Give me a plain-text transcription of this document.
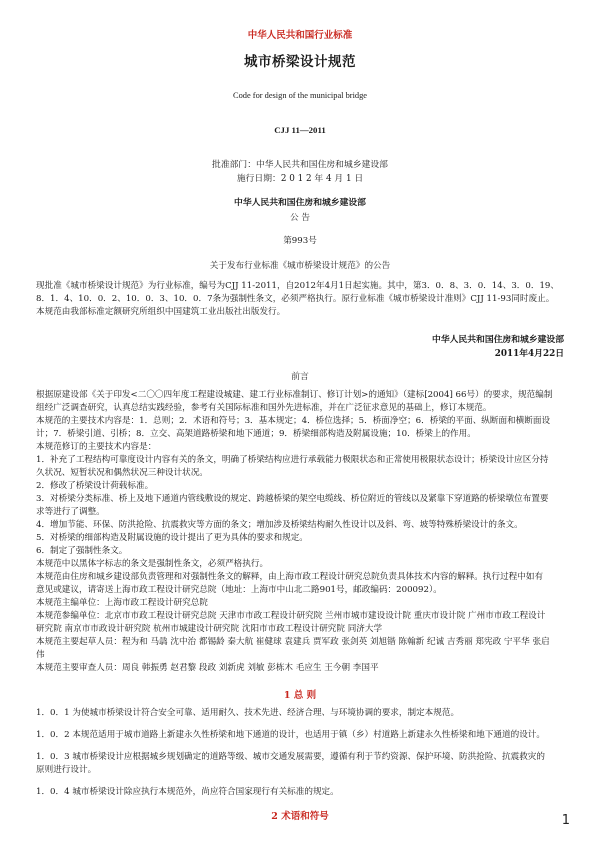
中华人民共和国行业标准
城市桥梁设计规范
Code for design of the municipal bridge
CJJ 11—2011
批准部门：中华人民共和国住房和城乡建设部
施行日期：2 0 1 2 年 4 月 1 日
中华人民共和国住房和城乡建设部
公 告
第993号
关于发布行业标准《城市桥梁设计规范》的公告

现批准《城市桥梁设计规范》为行业标准，编号为CJJ 11-2011，自2012年4月1日起实施。其中，第3．0．8、3．0．14、3．0．19、

8．1．4、10．0．2、10．0．3、10．0．7条为强制性条文，必须严格执行。原行业标准《城市桥梁设计准则》CJJ 11-93同时废止。

本规范由我部标准定额研究所组织中国建筑工业出版社出版发行。

中华人民共和国住房和城乡建设部
2011年4月22日
前言

根据原建设部《关于印发<二〇〇四年度工程建设城建、建工行业标准制订、修订计划>的通知》（建标[2004] 66号）的要求，规范编制

组经广泛调查研究，认真总结实践经验，参考有关国际标准和国外先进标准，并在广泛征求意见的基础上，修订本规范。

本规范的主要技术内容是：1．总则；2．术语和符号；3．基本规定；4．桥位选择；5．桥面净空；6．桥梁的平面、纵断面和横断面设

计；7．桥梁引道、引桥；8．立交、高架道路桥梁和地下通道；9．桥梁细部构造及附属设施；10．桥梁上的作用。

本规范修订的主要技术内容是：

1．补充了工程结构可靠度设计内容有关的条文，明确了桥梁结构应进行承载能力极限状态和正常使用极限状态设计；桥梁设计应区分持

久状况、短暂状况和偶然状况三种设计状况。

2．修改了桥梁设计荷载标准。

3．对桥梁分类标准、桥上及地下通道内管线敷设的规定、跨越桥梁的架空电缆线、桥位附近的管线以及紧靠下穿道路的桥梁墩位布置要

求等进行了调整。

4．增加节能、环保、防洪抢险、抗震救灾等方面的条文；增加涉及桥梁结构耐久性设计以及斜、弯、坡等特殊桥梁设计的条文。

5．对桥梁的细部构造及附属设施的设计提出了更为具体的要求和规定。

6．制定了强制性条文。

本规范中以黑体字标志的条文是强制性条文，必须严格执行。

本规范由住房和城乡建设部负责管理和对强制性条文的解释，由上海市政工程设计研究总院负责具体技术内容的解释。执行过程中如有

意见或建议，请寄送上海市政工程设计研究总院（地址：上海市中山北二路901号，邮政编码：200092）。

本规范主编单位：上海市政工程设计研究总院

本规范参编单位：北京市市政工程设计研究总院 天津市市政工程设计研究院 兰州市城市建设设计院 重庆市设计院 广州市市政工程设计

研究院 南京市市政设计研究院 杭州市城建设计研究院 沈阳市市政工程设计研究院 同济大学

本规范主要起草人员：程为和 马骉 沈中治 都锡龄 秦大航 崔健球 袁建兵 贾军政 张剑英 刘旭锴 陈翰新 纪诚 吉秀丽 郑宪政 宁平华 张启

伟

本规范主要审查人员：周良 韩振勇 赵君黎 段政 刘新虎 刘敏 彭栋木 毛应生 王今朝 李国平

1 总 则

1．0．1 为使城市桥梁设计符合安全可靠、适用耐久、技术先进、经济合理、与环境协调的要求，制定本规范。

1．0．2 本规范适用于城市道路上新建永久性桥梁和地下通道的设计，也适用于镇（乡）村道路上新建永久性桥梁和地下通道的设计。

1．0．3 城市桥梁设计应根据城乡规划确定的道路等级、城市交通发展需要，遵循有利于节约资源、保护环境、防洪抢险、抗震救灾的

原则进行设计。

1．0．4 城市桥梁设计除应执行本规范外，尚应符合国家现行有关标准的规定。

2 术语和符号	1
